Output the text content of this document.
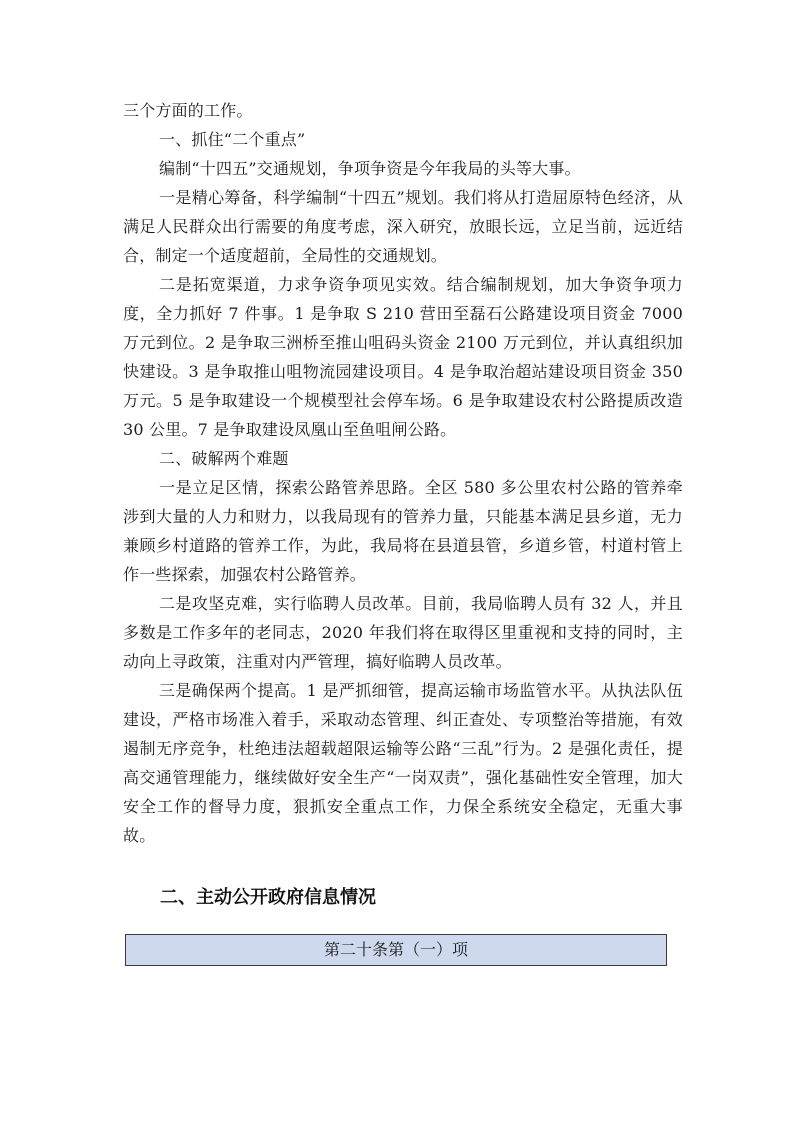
三个方面的工作。

一、抓住“二个重点”

编制“十四五”交通规划，争项争资是今年我局的头等大事。

一是精心筹备，科学编制“十四五”规划。我们将从打造屈原特色经济，从满足人民群众出行需要的角度考虑，深入研究，放眼长远，立足当前，远近结合，制定一个适度超前，全局性的交通规划。

二是拓宽渠道，力求争资争项见实效。结合编制规划，加大争资争项力度，全力抓好 7 件事。1 是争取 S 210 营田至磊石公路建设项目资金 7000 万元到位。2 是争取三洲桥至推山咀码头资金 2100 万元到位，并认真组织加快建设。3 是争取推山咀物流园建设项目。4 是争取治超站建设项目资金 350 万元。5 是争取建设一个规模型社会停车场。6 是争取建设农村公路提质改造 30 公里。7 是争取建设凤凰山至鱼咀闸公路。

二、破解两个难题

一是立足区情，探索公路管养思路。全区 580 多公里农村公路的管养牵涉到大量的人力和财力，以我局现有的管养力量，只能基本满足县乡道，无力兼顾乡村道路的管养工作，为此，我局将在县道县管，乡道乡管，村道村管上作一些探索，加强农村公路管养。

二是攻坚克难，实行临聘人员改革。目前，我局临聘人员有 32 人，并且多数是工作多年的老同志，2020 年我们将在取得区里重视和支持的同时，主动向上寻政策，注重对内严管理，搞好临聘人员改革。

三是确保两个提高。1 是严抓细管，提高运输市场监管水平。从执法队伍建设，严格市场准入着手，采取动态管理、纠正查处、专项整治等措施，有效遏制无序竞争，杜绝违法超载超限运输等公路“三乱”行为。2 是强化责任，提高交通管理能力，继续做好安全生产“一岗双责”，强化基础性安全管理，加大安全工作的督导力度，狠抓安全重点工作，力保全系统安全稳定，无重大事故。

二、主动公开政府信息情况
第二十条第（一）项
